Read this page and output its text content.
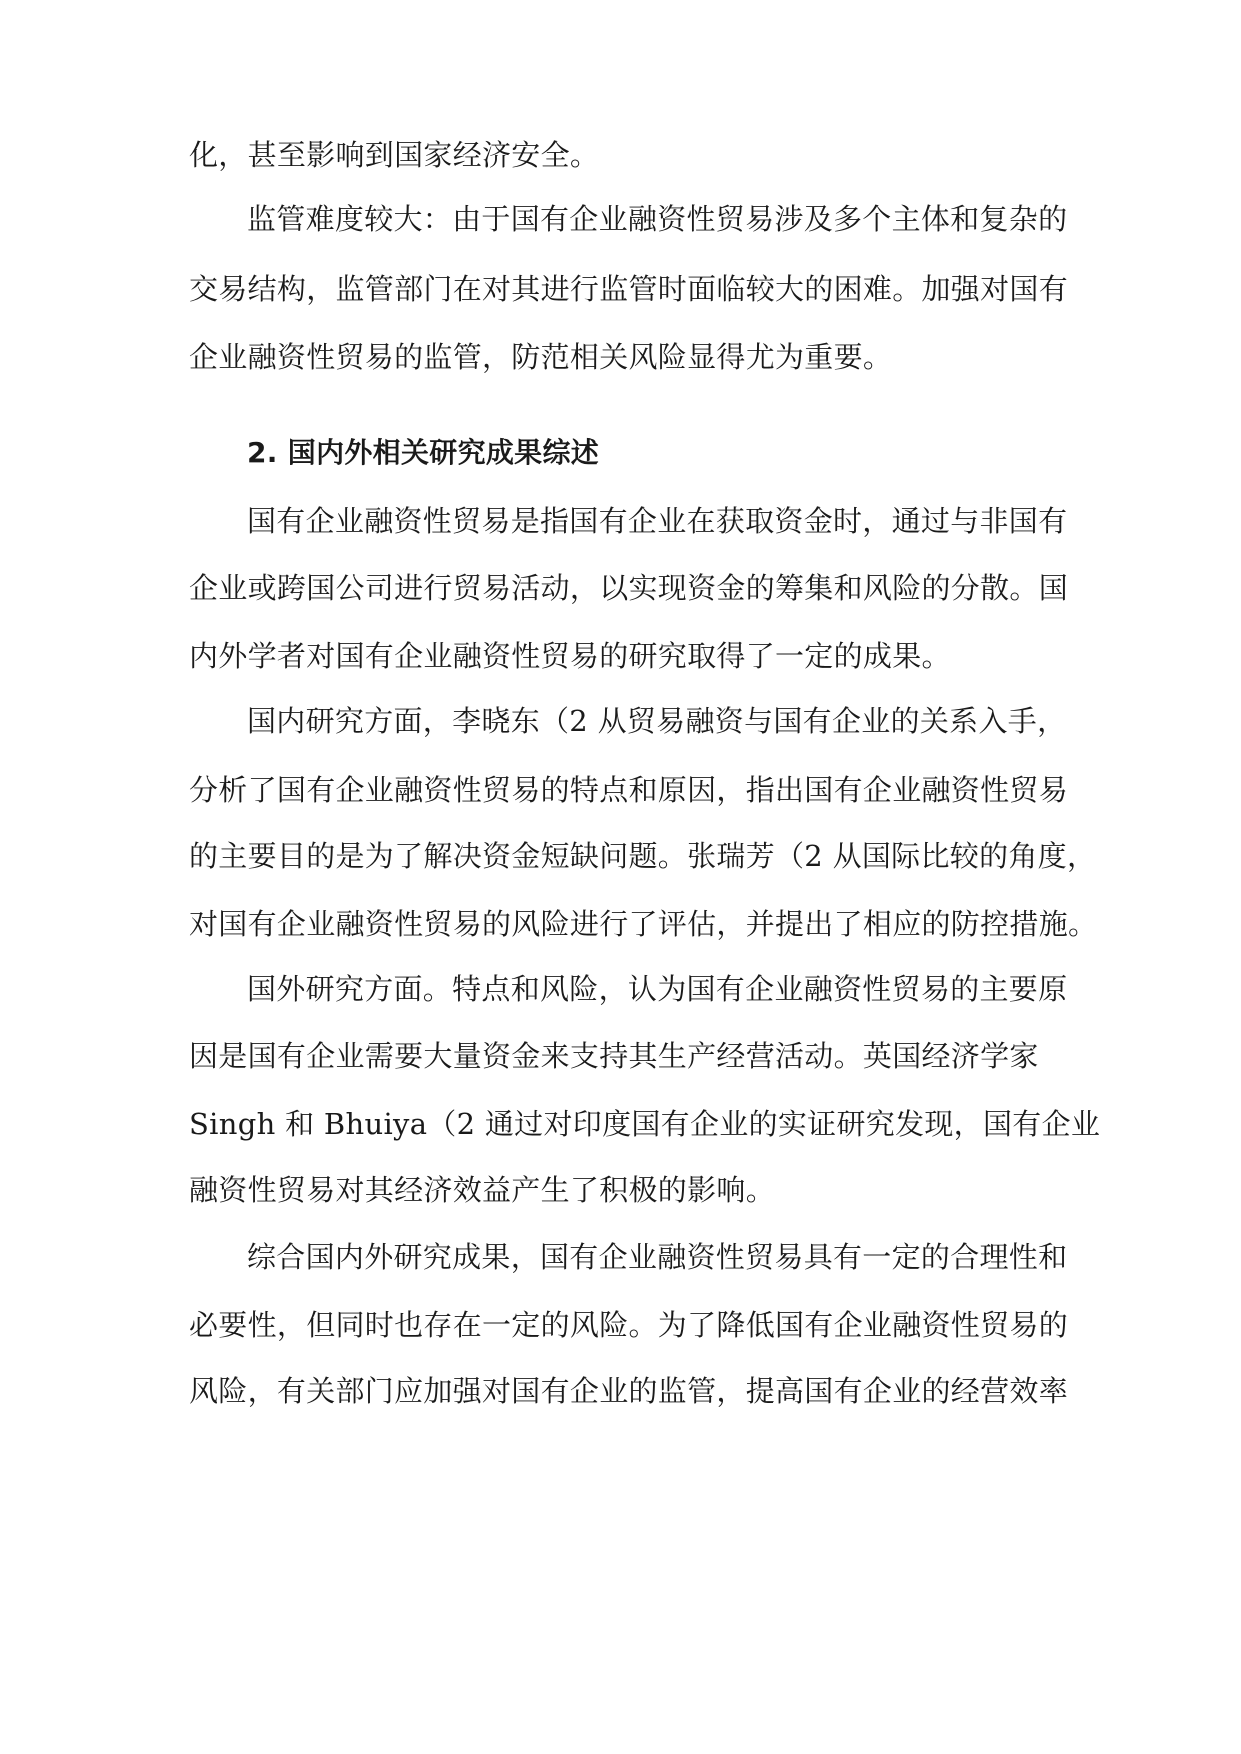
化，甚至影响到国家经济安全。
监管难度较大：由于国有企业融资性贸易涉及多个主体和复杂的
交易结构，监管部门在对其进行监管时面临较大的困难。加强对国有
企业融资性贸易的监管，防范相关风险显得尤为重要。
2. 国内外相关研究成果综述
国有企业融资性贸易是指国有企业在获取资金时，通过与非国有
企业或跨国公司进行贸易活动，以实现资金的筹集和风险的分散。国
内外学者对国有企业融资性贸易的研究取得了一定的成果。
国内研究方面，李晓东（2 从贸易融资与国有企业的关系入手，
分析了国有企业融资性贸易的特点和原因，指出国有企业融资性贸易
的主要目的是为了解决资金短缺问题。张瑞芳（2 从国际比较的角度，
对国有企业融资性贸易的风险进行了评估，并提出了相应的防控措施。
国外研究方面。特点和风险，认为国有企业融资性贸易的主要原
因是国有企业需要大量资金来支持其生产经营活动。英国经济学家
Singh 和 Bhuiya（2 通过对印度国有企业的实证研究发现，国有企业
融资性贸易对其经济效益产生了积极的影响。
综合国内外研究成果，国有企业融资性贸易具有一定的合理性和
必要性，但同时也存在一定的风险。为了降低国有企业融资性贸易的
风险，有关部门应加强对国有企业的监管，提高国有企业的经营效率
